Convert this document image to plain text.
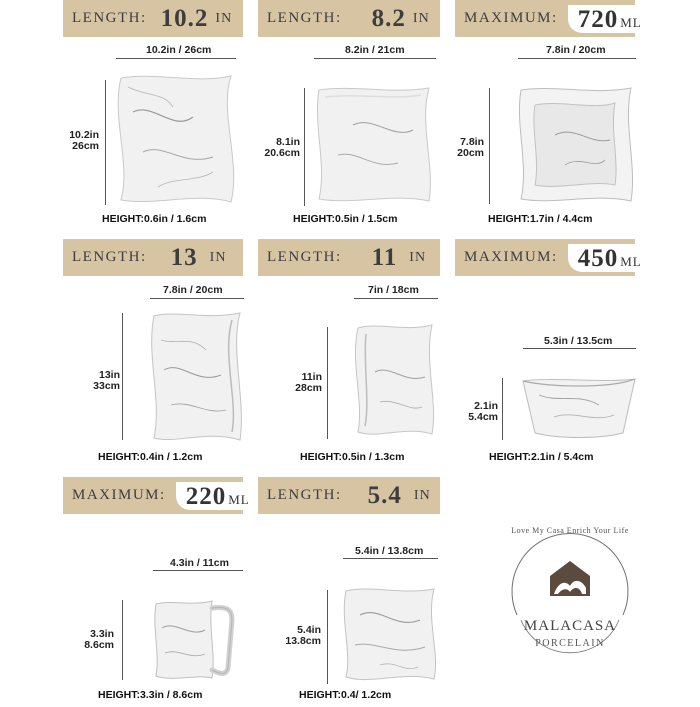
LENGTH: 10.2 IN
10.2in / 26cm
10.2in
26cm
HEIGHT:0.6in / 1.6cm
LENGTH: 8.2 IN
8.2in / 21cm
8.1in
20.6cm
HEIGHT:0.5in / 1.5cm
MAXIMUM: 720 ML
7.8in / 20cm
7.8in
20cm
HEIGHT:1.7in / 4.4cm
LENGTH: 13 IN
7.8in / 20cm
13in
33cm
HEIGHT:0.4in / 1.2cm
LENGTH: 11 IN
7in / 18cm
11in
28cm
HEIGHT:0.5in / 1.3cm
MAXIMUM: 450 ML
5.3in / 13.5cm
2.1in
5.4cm
HEIGHT:2.1in / 5.4cm
MAXIMUM: 220 ML
4.3in / 11cm
3.3in
8.6cm
HEIGHT:3.3in / 8.6cm
LENGTH: 5.4 IN
5.4in / 13.8cm
5.4in
13.8cm
HEIGHT:0.4/ 1.2cm
Love My Casa Enrich Your Life
MALACASA
PORCELAIN
